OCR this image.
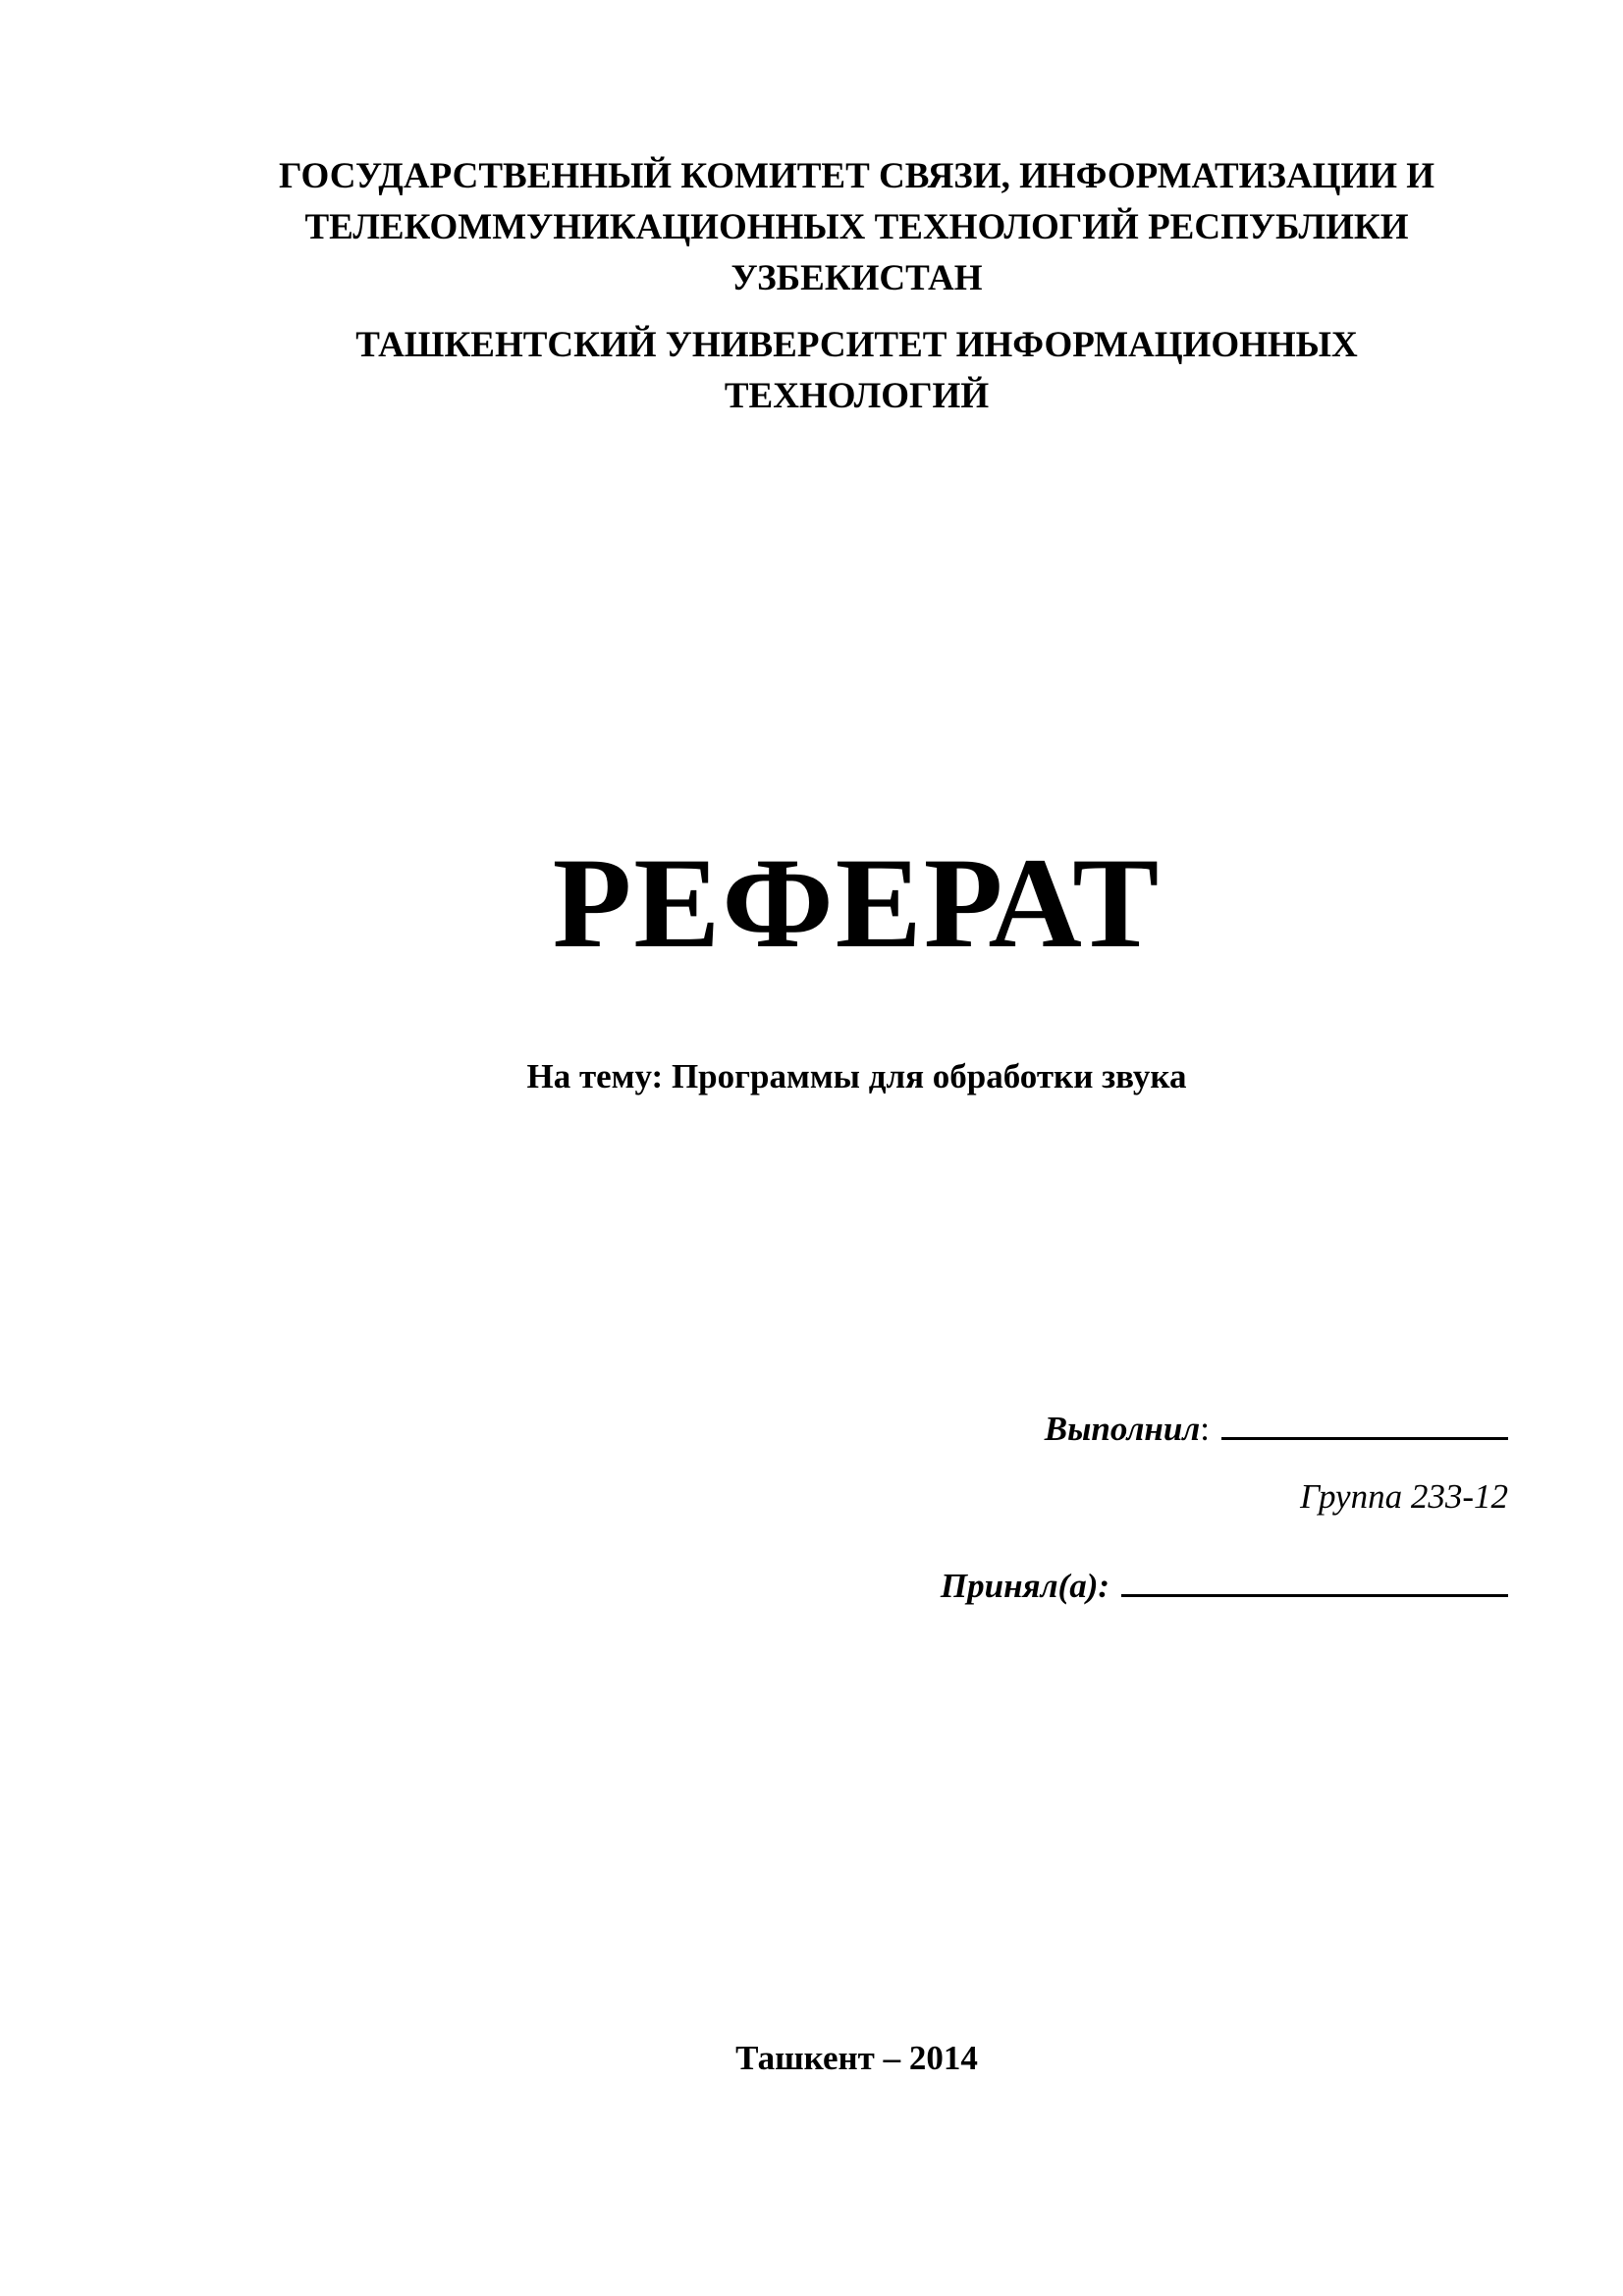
ГОСУДАРСТВЕННЫЙ КОМИТЕТ СВЯЗИ, ИНФОРМАТИЗАЦИИ И
ТЕЛЕКОММУНИКАЦИОННЫХ ТЕХНОЛОГИЙ РЕСПУБЛИКИ
УЗБЕКИСТАН
ТАШКЕНТСКИЙ УНИВЕРСИТЕТ ИНФОРМАЦИОННЫХ
ТЕХНОЛОГИЙ
РЕФЕРАТ
На тему: Программы для обработки звука
Выполнил:
Группа 233-12
Принял(а):
Ташкент – 2014
